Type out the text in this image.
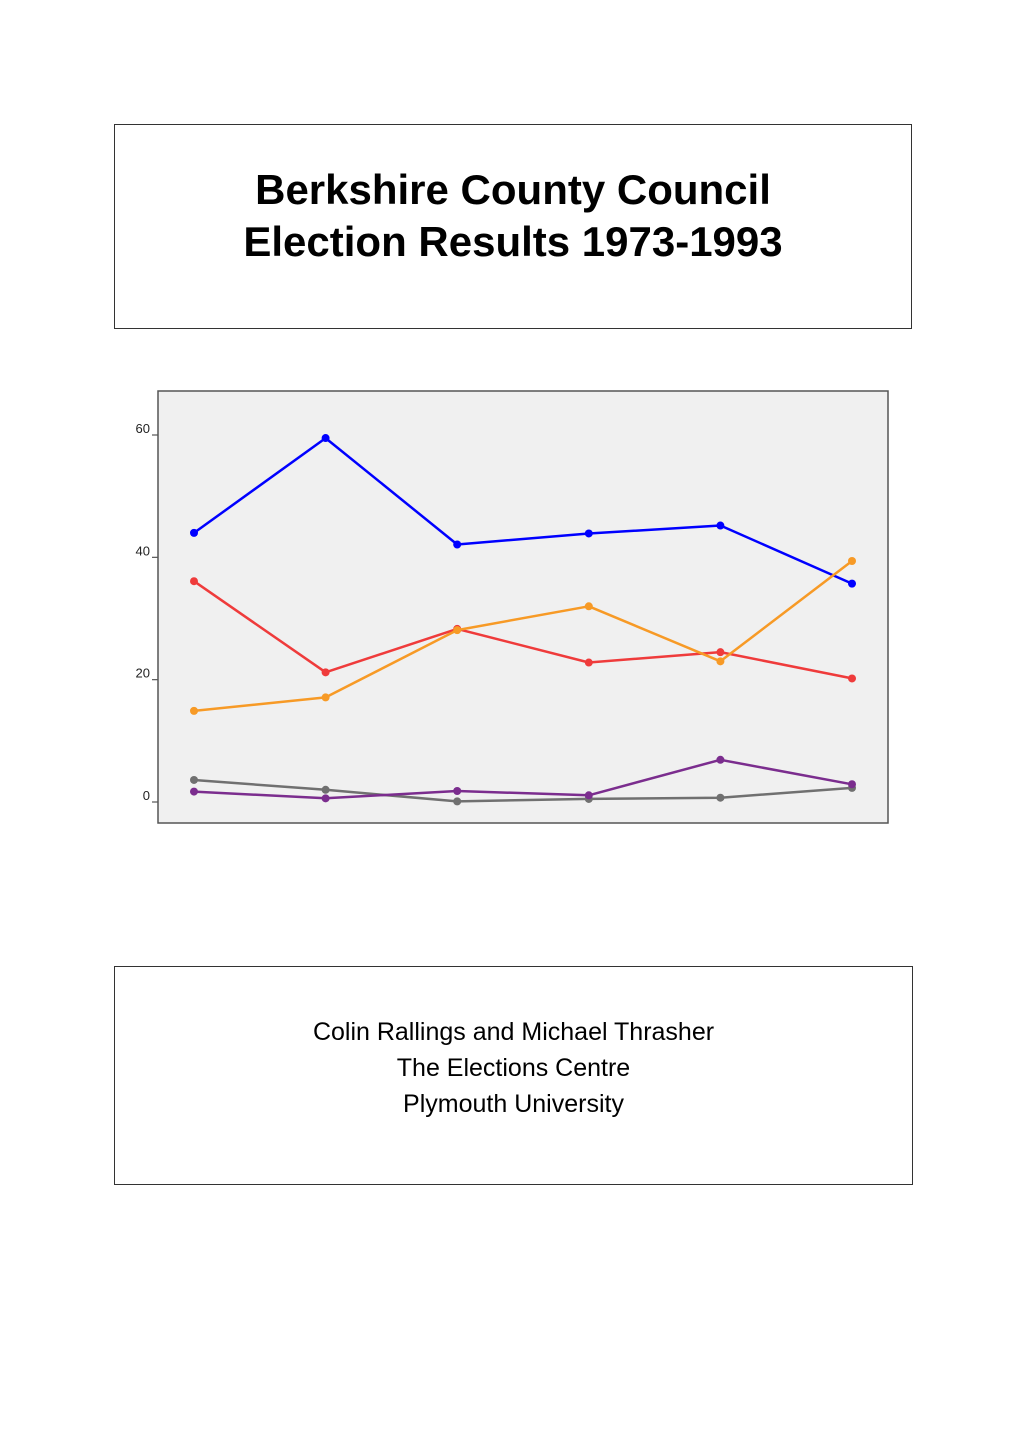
Berkshire County Council
Election Results 1973-1993
0
20
40
60
Colin Rallings and Michael Thrasher
The Elections Centre
Plymouth University
